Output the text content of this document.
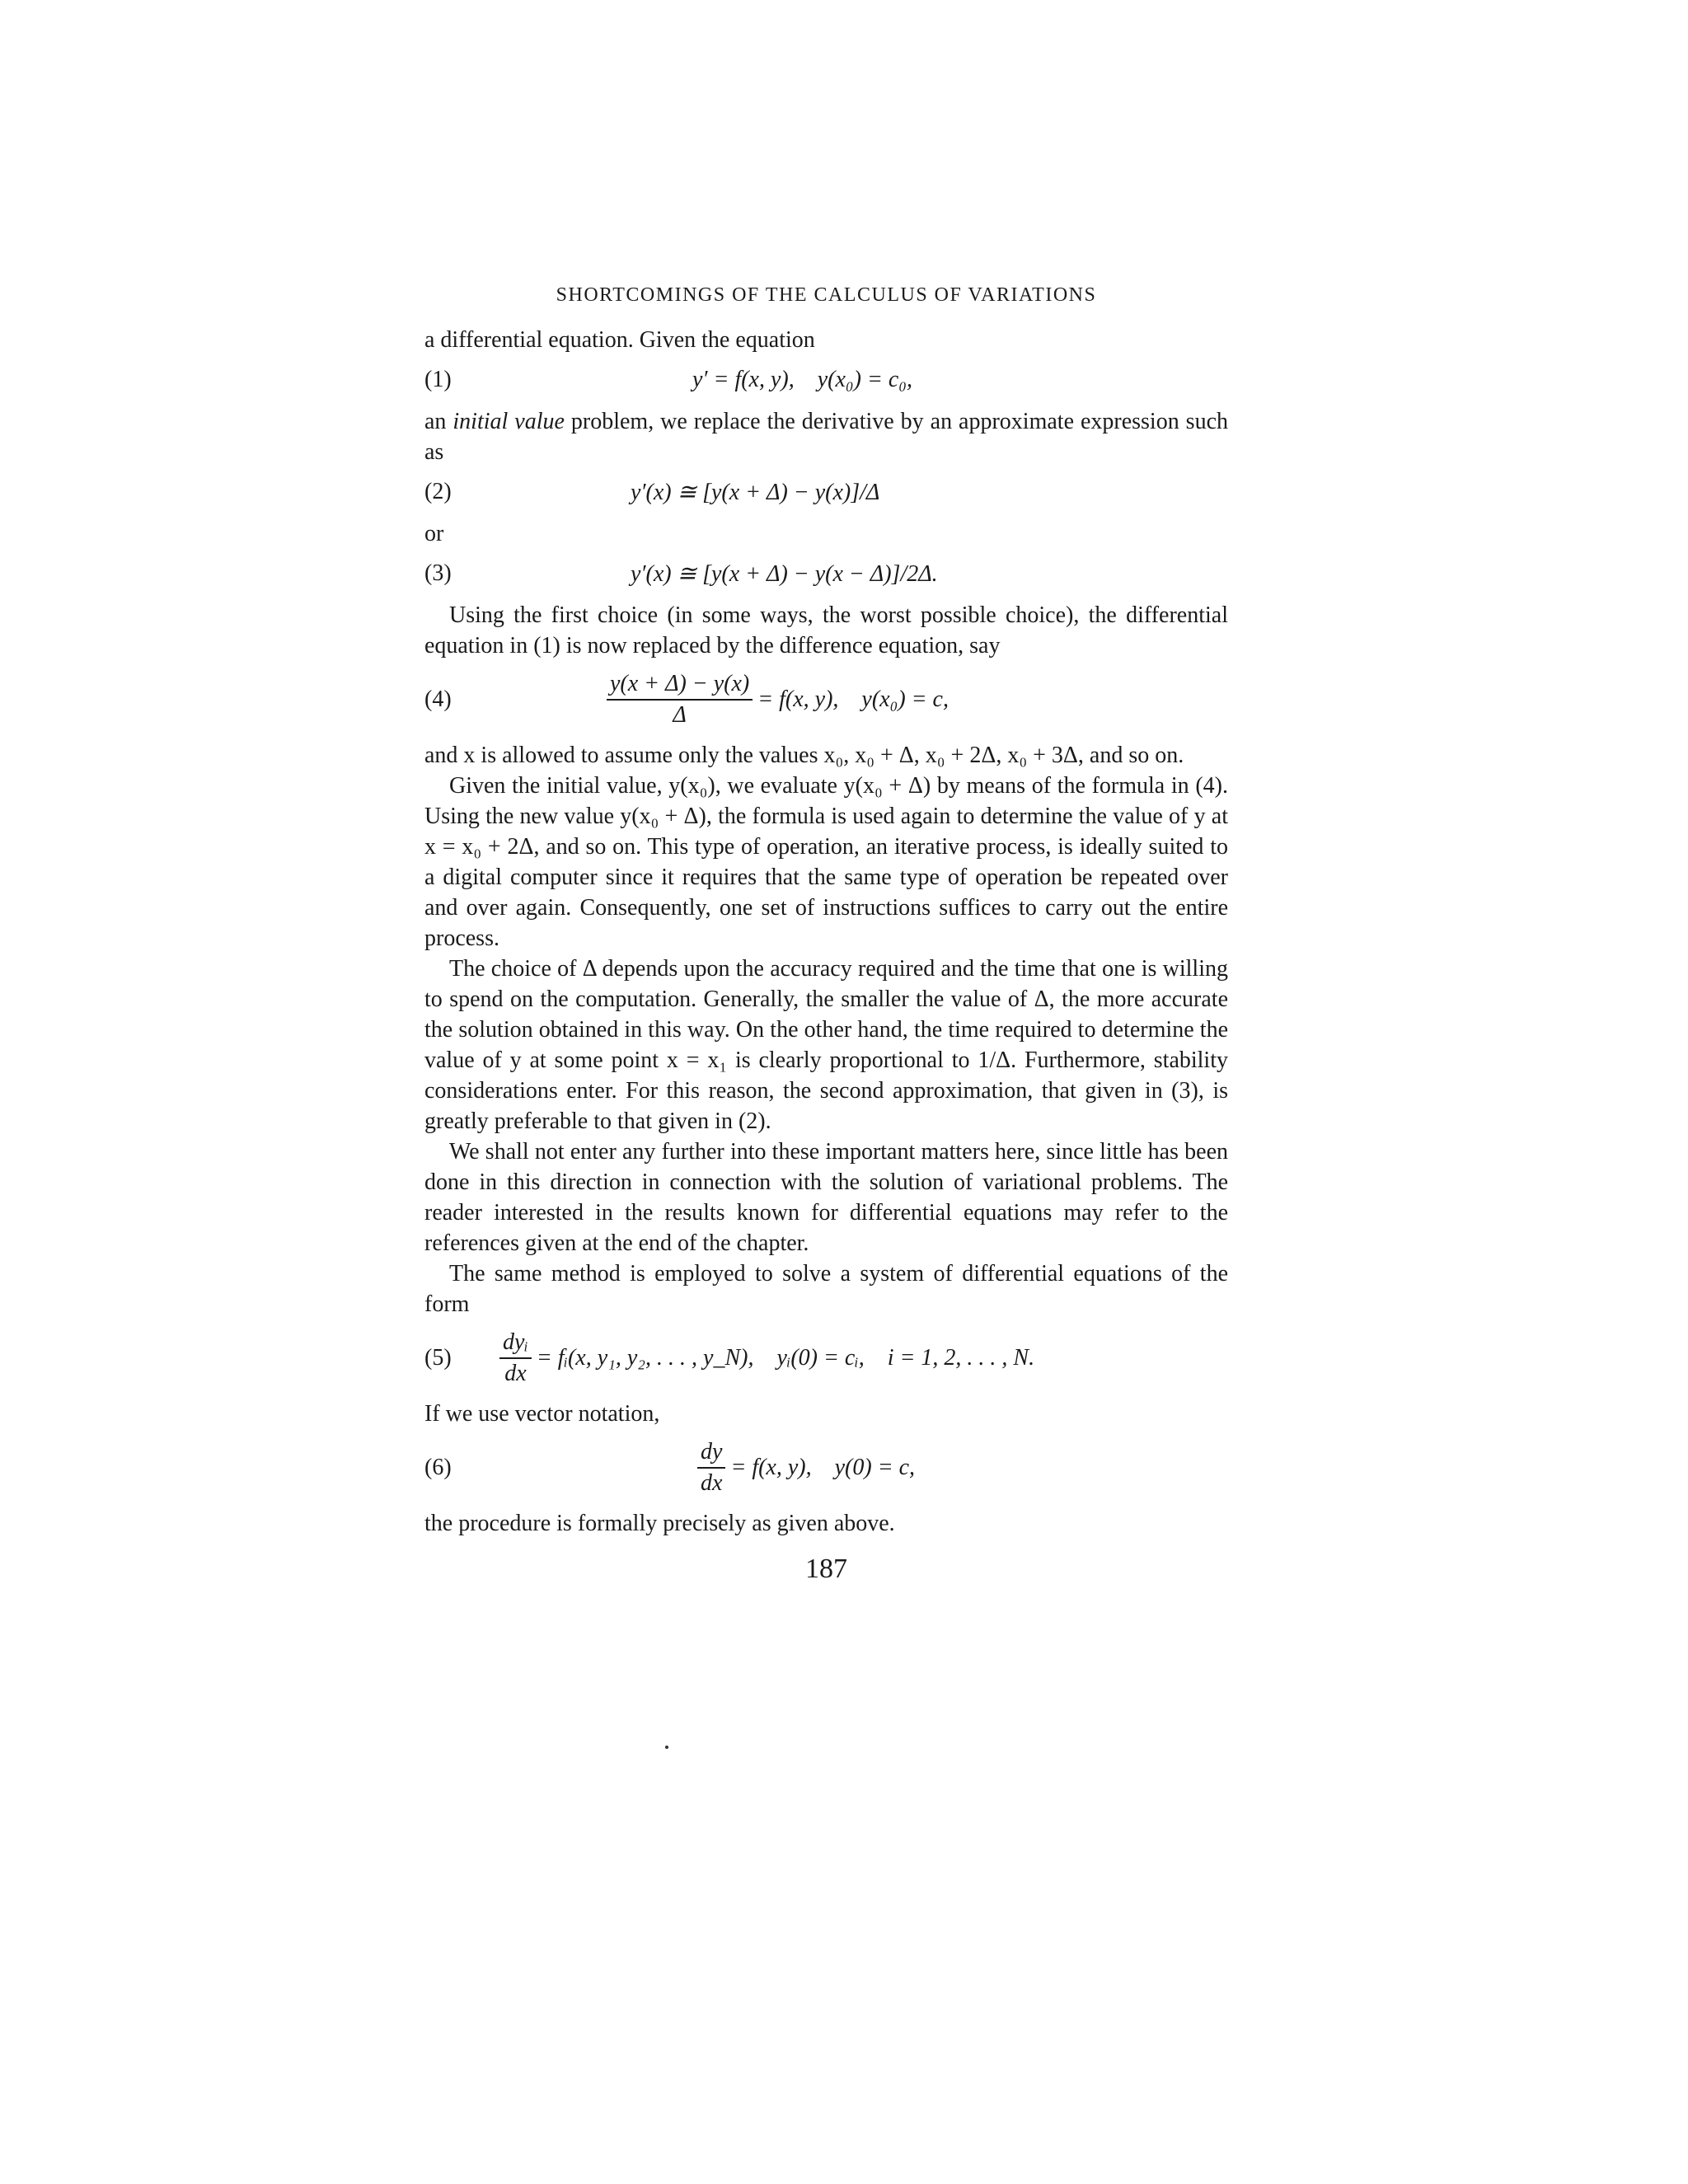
SHORTCOMINGS OF THE CALCULUS OF VARIATIONS

a differential equation. Given the equation

(1)	y′ = f(x, y), y(x₀) = c₀,

an initial value problem, we replace the derivative by an approximate expression such as

(2)	y′(x) ≅ [y(x + Δ) − y(x)]/Δ

or

(3)	y′(x) ≅ [y(x + Δ) − y(x − Δ)]/2Δ.

Using the first choice (in some ways, the worst possible choice), the differential equation in (1) is now replaced by the difference equation, say

(4)	$\frac{y(x + \Delta) - y(x)}{\Delta} = f(x$, y), y(x₀) = c,

and x is allowed to assume only the values x₀, x₀ + Δ, x₀ + 2Δ, x₀ + 3Δ, and so on.

Given the initial value, y(x₀), we evaluate y(x₀ + Δ) by means of the formula in (4). Using the new value y(x₀ + Δ), the formula is used again to determine the value of y at x = x₀ + 2Δ, and so on. This type of operation, an iterative process, is ideally suited to a digital computer since it requires that the same type of operation be repeated over and over again. Consequently, one set of instructions suffices to carry out the entire process.

The choice of Δ depends upon the accuracy required and the time that one is willing to spend on the computation. Generally, the smaller the value of Δ, the more accurate the solution obtained in this way. On the other hand, the time required to determine the value of y at some point x = x₁ is clearly proportional to 1/Δ. Furthermore, stability considerations enter. For this reason, the second approximation, that given in (3), is greatly preferable to that given in (2).

We shall not enter any further into these important matters here, since little has been done in this direction in connection with the solution of variational problems. The reader interested in the results known for differential equations may refer to the references given at the end of the chapter.

The same method is employed to solve a system of differential equations of the form

$(5) \frac{\text{dyᵢ}}{dx}$ = fᵢ(x, y₁, y₂, . . . , y_N), yᵢ(0) = cᵢ, i = 1, 2, . . . , N.

If we use vector notation,

(6)	$\frac{dy}{dx} = f(x$, y), y(0) = c,

the procedure is formally precisely as given above.

187
